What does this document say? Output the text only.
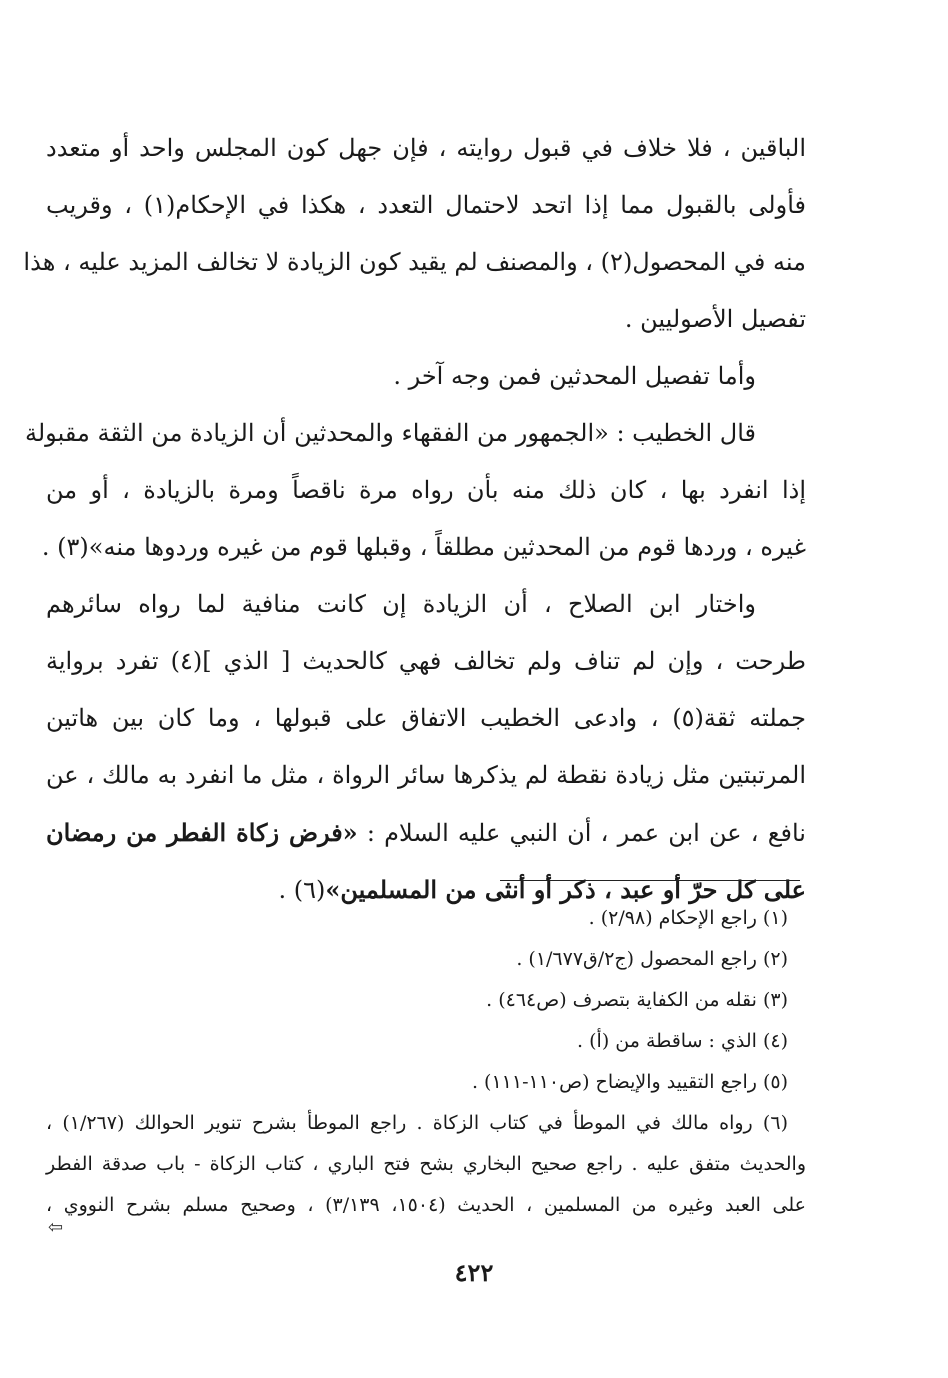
الباقين ، فلا خلاف في قبول روايته ، فإن جهل كون المجلس واحد أو متعدد
فأولى بالقبول مما إذا اتحد لاحتمال التعدد ، هكذا في الإحكام(١) ، وقريب
منه في المحصول(٢) ، والمصنف لم يقيد كون الزيادة لا تخالف المزيد عليه ، هذا
تفصيل الأصوليين .
وأما تفصيل المحدثين فمن وجه آخر .
قال الخطيب : «الجمهور من الفقهاء والمحدثين أن الزيادة من الثقة مقبولة
إذا انفرد بها ، كان ذلك منه بأن رواه مرة ناقصاً ومرة بالزيادة ، أو من
غيره ، وردها قوم من المحدثين مطلقاً ، وقبلها قوم من غيره وردوها منه»(٣) .
واختار ابن الصلاح ، أن الزيادة إن كانت منافية لما رواه سائرهم
طرحت ، وإن لم تناف ولم تخالف فهي كالحديث [ الذي ](٤) تفرد برواية
جملته ثقة(٥) ، وادعى الخطيب الاتفاق على قبولها ، وما كان بين هاتين
المرتبتين مثل زيادة نقطة لم يذكرها سائر الرواة ، مثل ما انفرد به مالك ، عن
نافع ، عن ابن عمر ، أن النبي عليه السلام : «فرض زكاة الفطر من رمضان
على كل حرّ أو عبد ، ذكر أو أنثى من المسلمين»(٦) .
(١) راجع الإحكام (٢/٩٨) .
(٢) راجع المحصول (ج٢/ق١/٦٧٧) .
(٣) نقله من الكفاية بتصرف (ص٤٦٤) .
(٤) الذي : ساقطة من (أ) .
(٥) راجع التقييد والإيضاح (ص١١٠-١١١) .
(٦) رواه مالك في الموطأ في كتاب الزكاة . راجع الموطأ بشرح تنوير الحوالك (١/٢٦٧) ،
والحديث متفق عليه . راجع صحيح البخاري بشح فتح الباري ، كتاب الزكاة - باب صدقة الفطر
على العبد وغيره من المسلمين ، الحديث (١٥٠٤، ٣/١٣٩) ، وصحيح مسلم بشرح النووي ،
⇦
٤٢٢
